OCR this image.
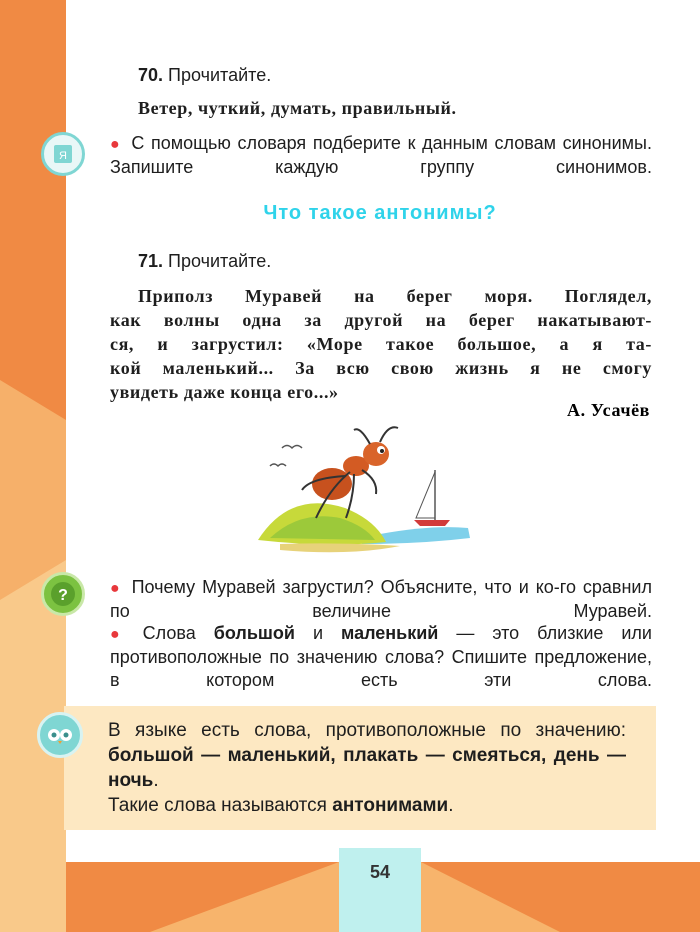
70. Прочитайте.
Ветер, чуткий, думать, правильный.
Я
● С помощью словаря подберите к данным словам синонимы. Запишите каждую группу синонимов.
Что такое антонимы?
71. Прочитайте.
Приполз Муравей на берег моря. Поглядел,
как волны одна за другой на берег накатывают-
ся, и загрустил: «Море такое большое, а я та-
кой маленький... За всю свою жизнь я не смогу
увидеть даже конца его...»
А. Усачёв
?	● Почему Муравей загрустил? Объясните, что и ко-го сравнил по величине Муравей.
● Слова большой и маленький — это близкие или противоположные по значению слова? Спишите предложение, в котором есть эти слова.
В языке есть слова, противоположные по значению: большой — маленький, плакать — смеяться, день — ночь.
Такие слова называются антонимами.
54
